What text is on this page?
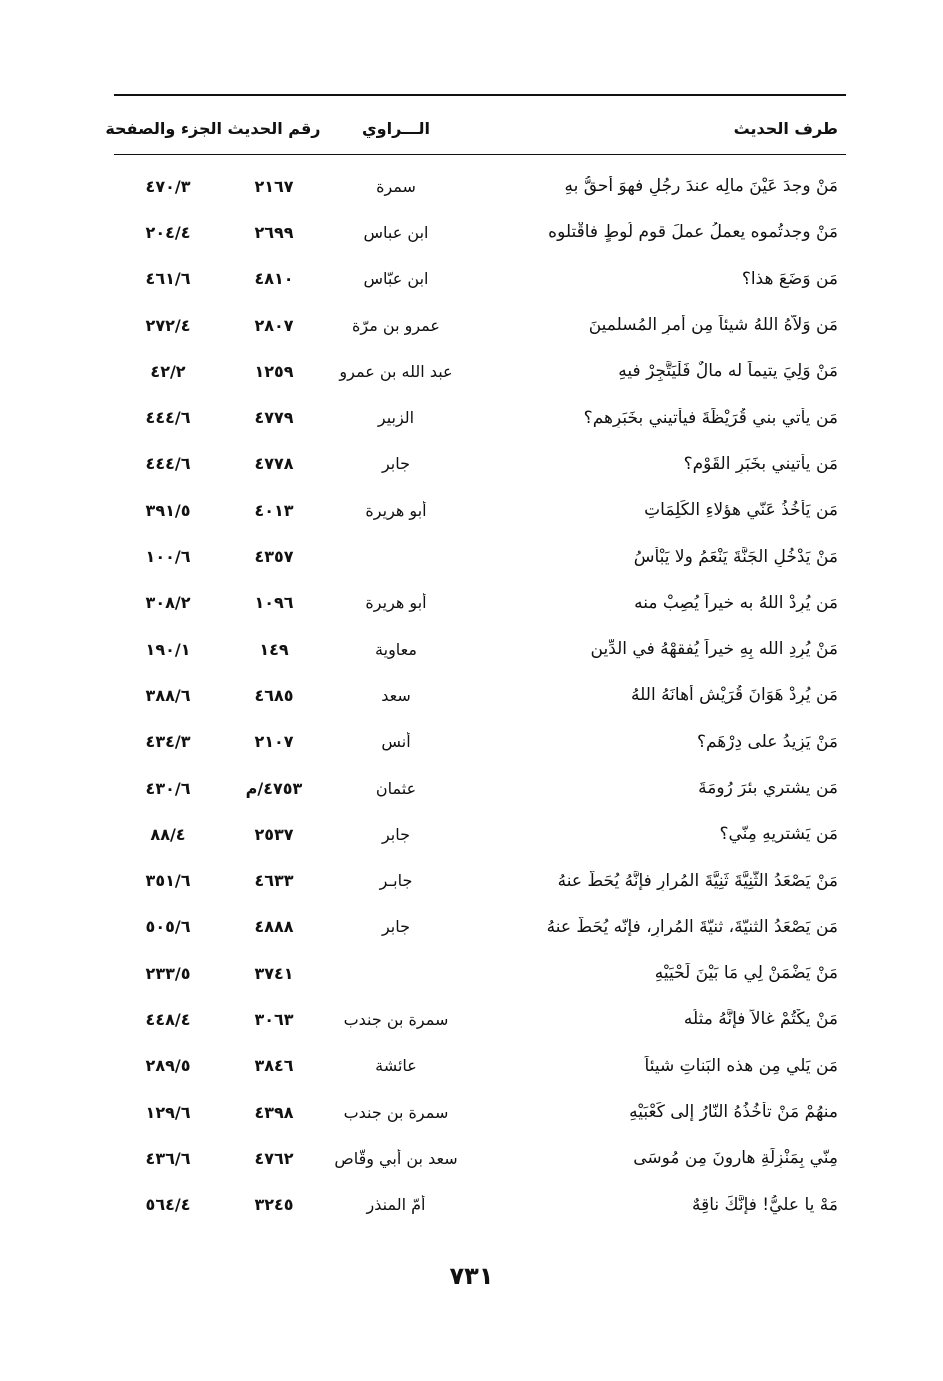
طرف الحديث
الـــراوي
رقم الحديث
الجزء والصفحة
مَنْ وجدَ عَيْنَ مالِه عندَ رجُلٍ فهوَ أحقُّ بهِ
سمرة
٢١٦٧
٤٧٠/٣
مَنْ وجدتُموه يعملُ عملَ قومِ لُوطٍ فاقْتلوه
ابن عباس
٢٦٩٩
٢٠٤/٤
مَن وَضَعَ هذا؟
ابن عبّاس
٤٨١٠
٤٦١/٦
مَن وَلاَّهُ اللهُ شيئاً مِن أمرِ المُسلمينَ
عمرو بن مرّة
٢٨٠٧
٢٧٢/٤
مَنْ وَلِيَ يتيماً له مالٌ فَلْيَتَّجِرْ فيهِ
عبد الله بن عمرو
١٢٥٩
٤٢/٢
مَن يأتي بني قُرَيْظَةَ فيأتيني بخَبَرِهم؟
الزبير
٤٧٧٩
٤٤٤/٦
مَن يأتيني بخَبَرِ القَوْمِ؟
جابر
٤٧٧٨
٤٤٤/٦
مَن يَأْخُذُ عَنّي هؤلاءِ الكَلِمَاتِ
أبو هريرة
٤٠١٣
٣٩١/٥
مَنْ يَدْخُلِ الجَنَّةَ يَنْعَمُ ولا يَبْأَسُ
٤٣٥٧
١٠٠/٦
مَن يُرِدْ اللهُ به خيراً يُصِبْ منه
أبو هريرة
١٠٩٦
٣٠٨/٢
مَنْ يُرِدِ الله بِهِ خيراً يُفقهْهُ في الدِّينِ
معاوية
١٤٩
١٩٠/١
مَن يُرِدْ هَوَانَ قُرَيْشٍ أهانَهُ اللهُ
سعد
٤٦٨٥
٣٨٨/٦
مَنْ يَزِيدُ على دِرْهَمٍ؟
أنس
٢١٠٧
٤٣٤/٣
مَن يشتري بئرَ رُومَةَ
عثمان
٤٧٥٣/م
٤٣٠/٦
مَن يَشتريهِ مِنّي؟
جابر
٢٥٣٧
٨٨/٤
مَنْ يَصْعَدُ الثَّنِيَّةَ ثَنِيَّةَ المُرارِ فإنَّهُ يُحَطُّ عنهُ
جابـر
٤٦٣٣
٣٥١/٦
مَن يَصْعَدُ الثنيّةَ، ثنيّةَ المُرارِ، فإنّه يُحَطُّ عنهُ
جابر
٤٨٨٨
٥٠٥/٦
مَنْ يَضْمَنْ لِي مَا بَيْنَ لَحْيَيْهِ
٣٧٤١
٢٣٣/٥
مَنْ يكْتُمْ غالاً فإنَّهُ مثلُه
سمرة بن جندب
٣٠٦٣
٤٤٨/٤
مَن يَلي مِن هذه البَناتِ شيئاً
عائشة
٣٨٤٦
٢٨٩/٥
منهُمْ مَنْ تأخُذُهُ النّارُ إلى كَعْبَيْهِ
سمرة بن جندب
٤٣٩٨
١٢٩/٦
مِنّي بِمَنْزِلَةِ هارونَ مِن مُوسَى
سعد بن أبي وقّاص
٤٧٦٢
٤٣٦/٦
مَهْ يا عليُّ! فإنَّكَ ناقِهٌ
أمّ المنذر
٣٢٤٥
٥٦٤/٤
٧٣١
